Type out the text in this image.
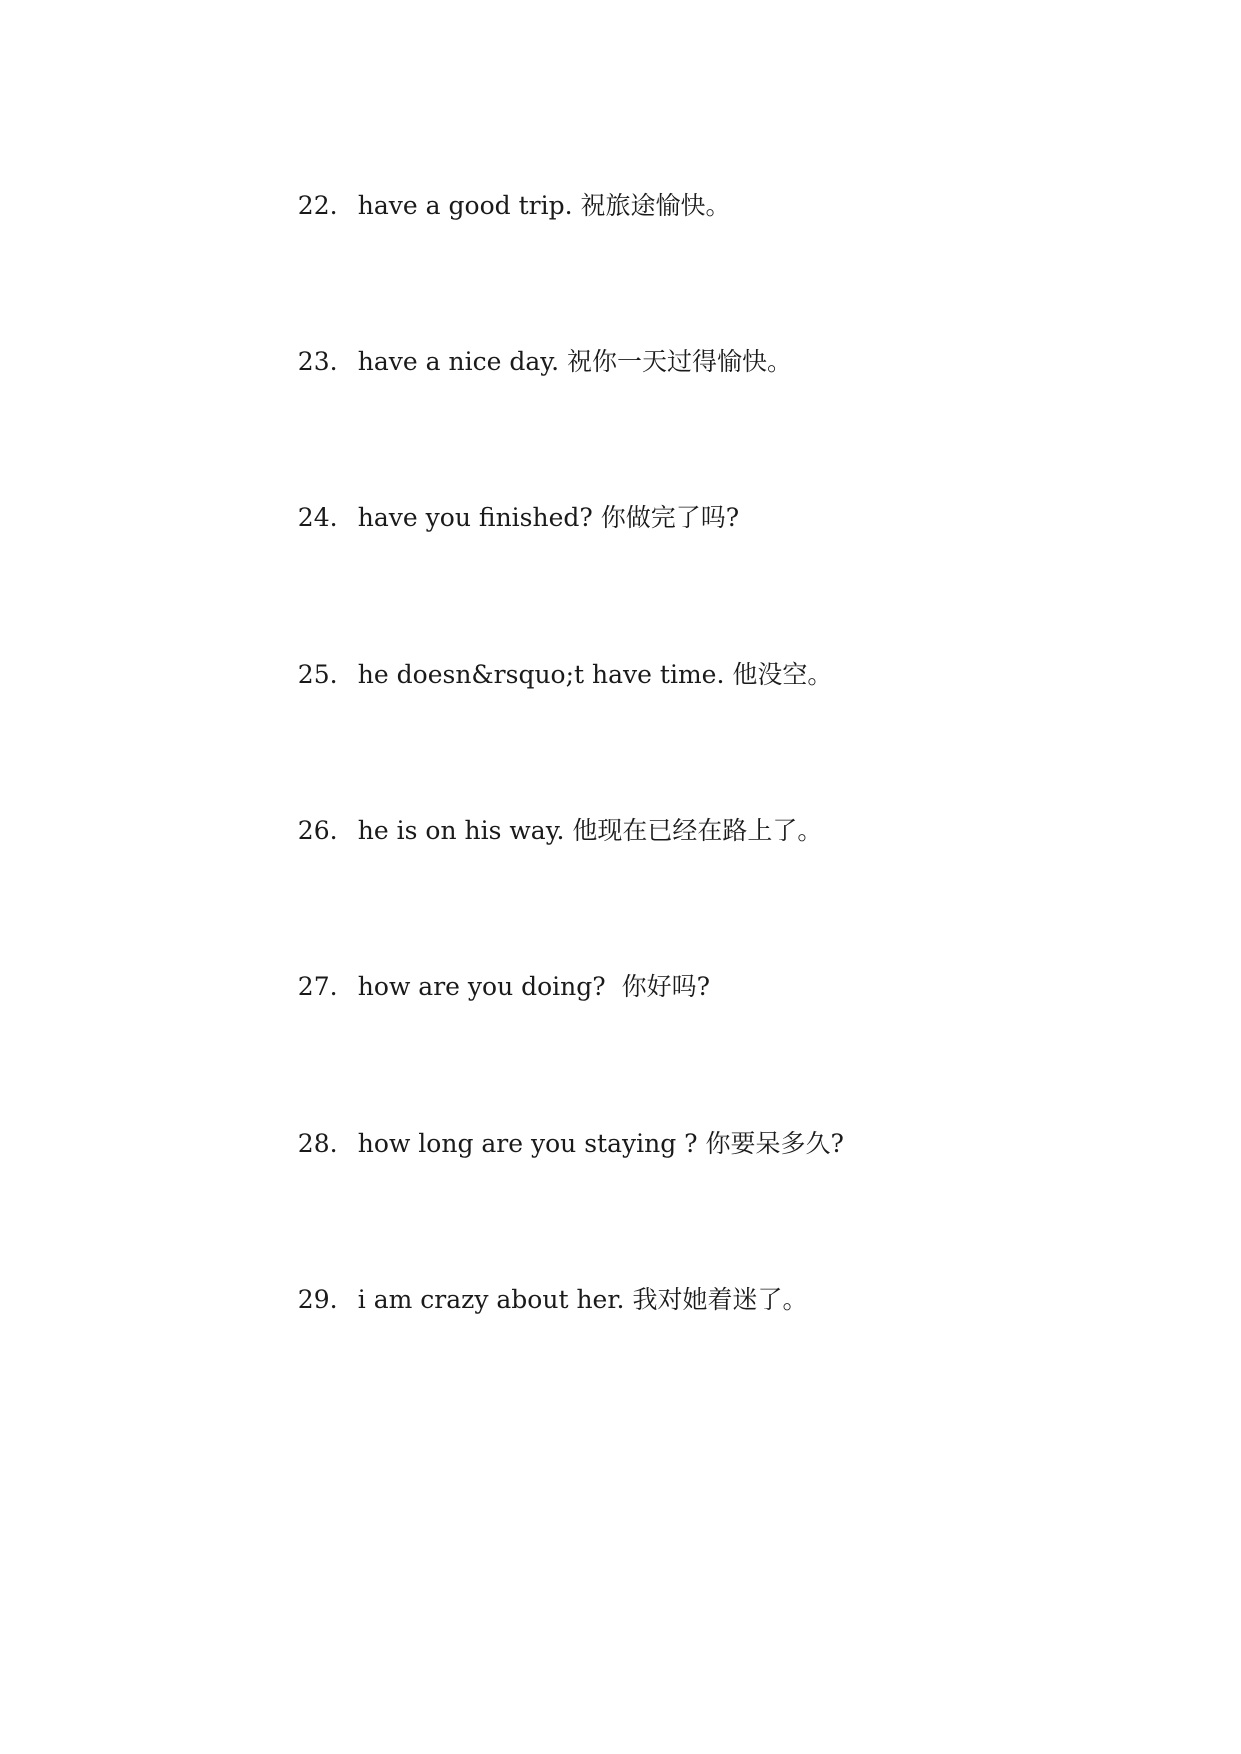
22. have a good trip. 祝旅途愉快。

23. have a nice day. 祝你一天过得愉快。

24. have you finished? 你做完了吗?

25. he doesn&rsquo;t have time. 他没空。

26. he is on his way. 他现在已经在路上了。

27. how are you doing?  你好吗?

28. how long are you staying ? 你要呆多久?

29. i am crazy about her. 我对她着迷了。
